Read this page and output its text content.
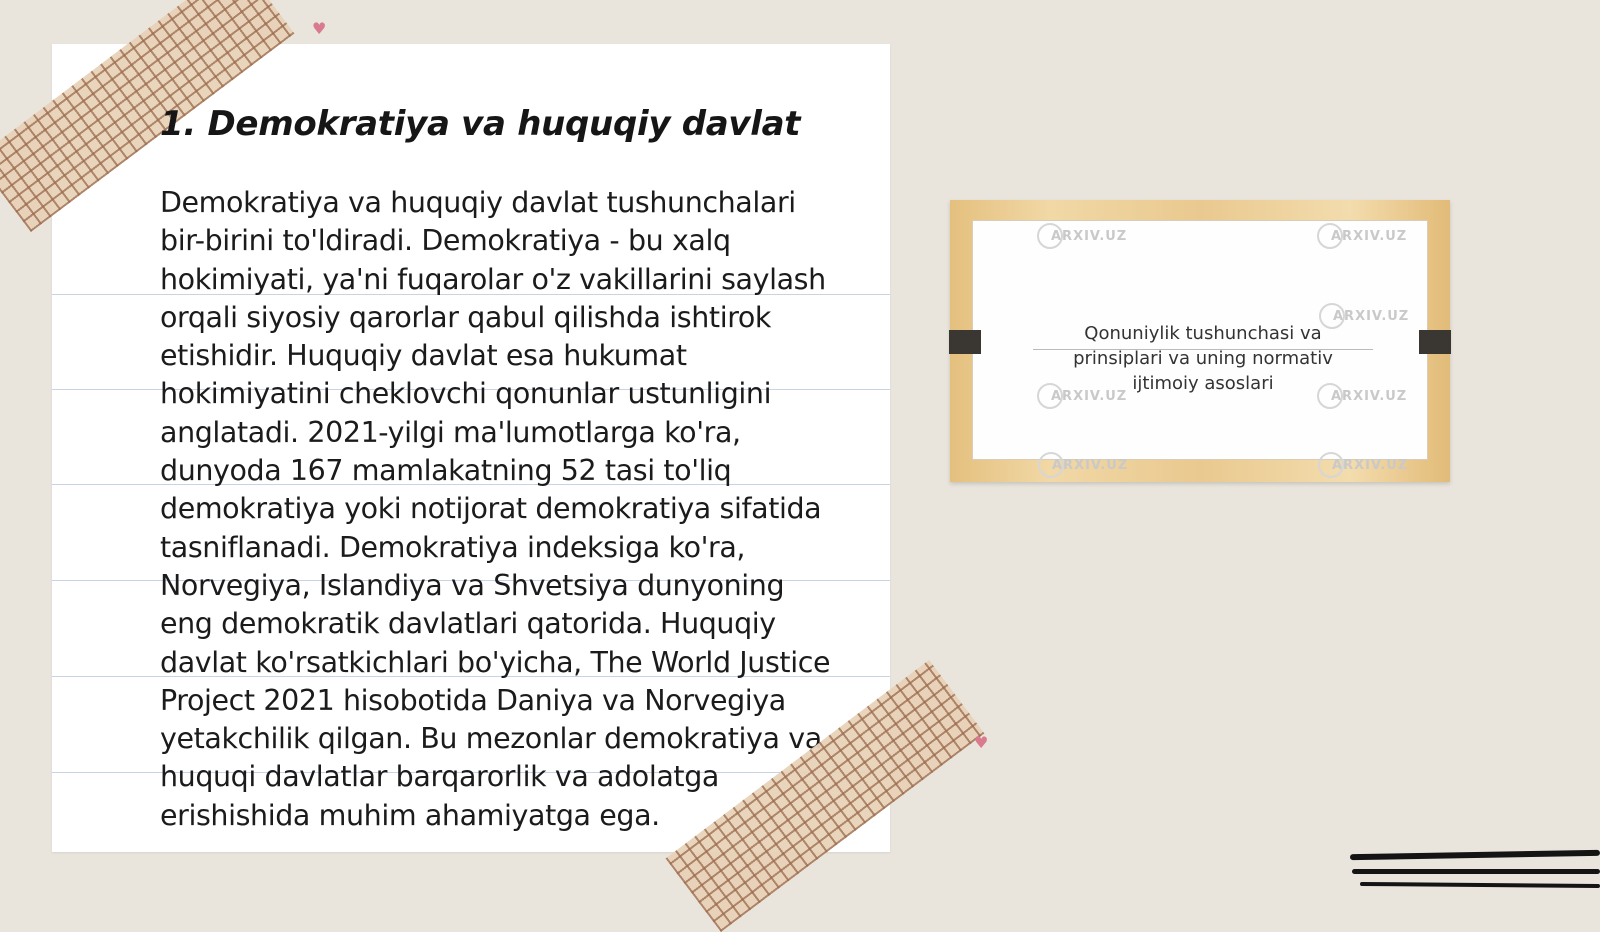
♥
1. Demokratiya va huquqiy davlat

Demokratiya va huquqiy davlat tushunchalari bir-birini to'ldiradi. Demokratiya - bu xalq hokimiyati, ya'ni fuqarolar o'z vakillarini saylash orqali siyosiy qarorlar qabul qilishda ishtirok etishidir. Huquqiy davlat esa hukumat hokimiyatini cheklovchi qonunlar ustunligini anglatadi. 2021-yilgi ma'lumotlarga ko'ra, dunyoda 167 mamlakatning 52 tasi to'liq demokratiya yoki notijorat demokratiya sifatida tasniflanadi. Demokratiya indeksiga ko'ra, Norvegiya, Islandiya va Shvetsiya dunyoning eng demokratik davlatlari qatorida. Huquqiy davlat ko'rsatkichlari bo'yicha, The World Justice Project 2021 hisobotida Daniya va Norvegiya yetakchilik qilgan. Bu mezonlar demokratiya va huquqi davlatlar barqarorlik va adolatga erishishida muhim ahamiyatga ega.

♥
ARXIV.UZ	ARXIV.UZ
ARXIV.UZ
ARXIV.UZ	ARXIV.UZ
Qonuniylik tushunchasi va prinsiplari va uning normativ ijtimoiy asoslari
ARXIV.UZ	ARXIV.UZ
